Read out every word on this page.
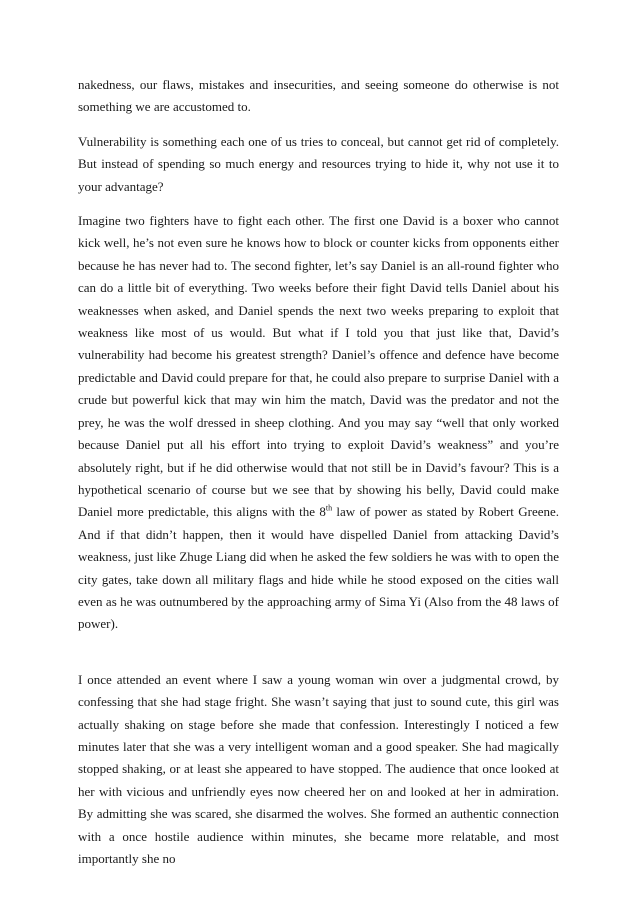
nakedness, our flaws, mistakes and insecurities, and seeing someone do otherwise is not something we are accustomed to.

Vulnerability is something each one of us tries to conceal, but cannot get rid of completely. But instead of spending so much energy and resources trying to hide it, why not use it to your advantage?

Imagine two fighters have to fight each other. The first one David is a boxer who cannot kick well, he’s not even sure he knows how to block or counter kicks from opponents either because he has never had to. The second fighter, let’s say Daniel is an all-round fighter who can do a little bit of everything. Two weeks before their fight David tells Daniel about his weaknesses when asked, and Daniel spends the next two weeks preparing to exploit that weakness like most of us would. But what if I told you that just like that, David’s vulnerability had become his greatest strength? Daniel’s offence and defence have become predictable and David could prepare for that, he could also prepare to surprise Daniel with a crude but powerful kick that may win him the match, David was the predator and not the prey, he was the wolf dressed in sheep clothing. And you may say “well that only worked because Daniel put all his effort into trying to exploit David’s weakness” and you’re absolutely right, but if he did otherwise would that not still be in David’s favour? This is a hypothetical scenario of course but we see that by showing his belly, David could make Daniel more predictable, this aligns with the 8th law of power as stated by Robert Greene. And if that didn’t happen, then it would have dispelled Daniel from attacking David’s weakness, just like Zhuge Liang did when he asked the few soldiers he was with to open the city gates, take down all military flags and hide while he stood exposed on the cities wall even as he was outnumbered by the approaching army of Sima Yi (Also from the 48 laws of power).

I once attended an event where I saw a young woman win over a judgmental crowd, by confessing that she had stage fright. She wasn’t saying that just to sound cute, this girl was actually shaking on stage before she made that confession. Interestingly I noticed a few minutes later that she was a very intelligent woman and a good speaker. She had magically stopped shaking, or at least she appeared to have stopped. The audience that once looked at her with vicious and unfriendly eyes now cheered her on and looked at her in admiration. By admitting she was scared, she disarmed the wolves. She formed an authentic connection with a once hostile audience within minutes, she became more relatable, and most importantly she no
